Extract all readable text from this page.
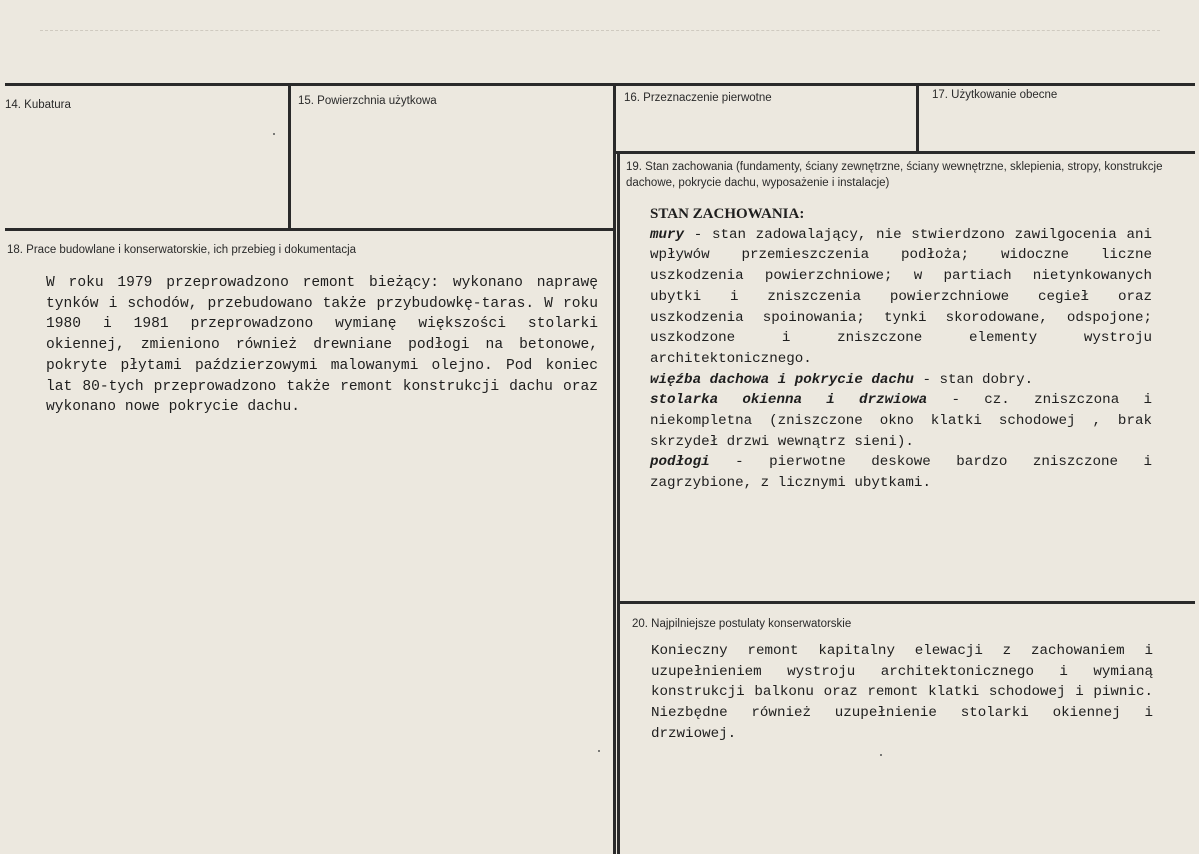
14. Kubatura	15. Powierzchnia użytkowa	16. Przeznaczenie pierwotne	17. Użytkowanie obecne
18. Prace budowlane i konserwatorskie, ich przebieg i dokumentacja
19. Stan zachowania (fundamenty, ściany zewnętrzne, ściany wewnętrzne, sklepienia, stropy, konstrukcje dachowe, pokrycie dachu, wyposażenie i instalacje)
20. Najpilniejsze postulaty konserwatorskie

W roku 1979 przeprowadzono remont bieżący: wykonano naprawę tynków i schodów, przebudowano także przybudowkę-taras. W roku 1980 i 1981 przeprowadzono wymianę większości stolarki okiennej, zmieniono również drewniane podłogi na betonowe, pokryte płytami paździerzowymi malowanymi olejno. Pod koniec lat 80-tych przeprowadzono także remont konstrukcji dachu oraz wykonano nowe pokrycie dachu.

STAN ZACHOWANIA:
mury - stan zadowalający, nie stwierdzono zawilgocenia ani wpływów przemieszczenia podłoża; widoczne liczne uszkodzenia powierzchniowe; w partiach nietynkowanych ubytki i zniszczenia powierzchniowe cegieł oraz uszkodzenia spoinowania; tynki skorodowane, odspojone; uszkodzone i zniszczone elementy wystroju architektonicznego.
więźba dachowa i pokrycie dachu - stan dobry.
stolarka okienna i drzwiowa - cz. zniszczona i niekompletna (zniszczone okno klatki schodowej , brak skrzydeł drzwi wewnątrz sieni).
podłogi - pierwotne deskowe bardzo zniszczone i zagrzybione, z licznymi ubytkami.

Konieczny remont kapitalny elewacji z zachowaniem i uzupełnieniem wystroju architektonicznego i wymianą konstrukcji balkonu oraz remont klatki schodowej i piwnic. Niezbędne również uzupełnienie stolarki okiennej i drzwiowej.
